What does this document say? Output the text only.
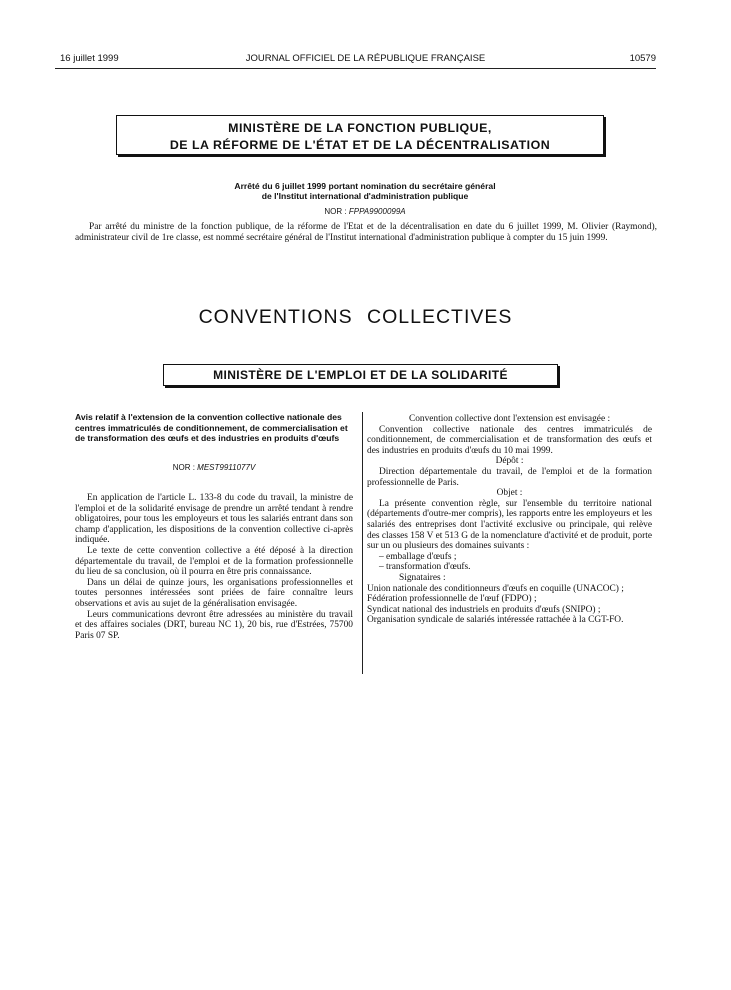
16 juillet 1999	JOURNAL OFFICIEL DE LA RÉPUBLIQUE FRANÇAISE	10579
MINISTÈRE DE LA FONCTION PUBLIQUE,
DE LA RÉFORME DE L'ÉTAT ET DE LA DÉCENTRALISATION
Arrêté du 6 juillet 1999 portant nomination du secrétaire général
de l'Institut international d'administration publique
NOR : FPPA9900099A
Par arrêté du ministre de la fonction publique, de la réforme de l'Etat et de la décentralisation en date du 6 juillet 1999, M. Olivier (Raymond), administrateur civil de 1re classe, est nommé secrétaire général de l'Institut international d'administration publique à compter du 15 juin 1999.
CONVENTIONS COLLECTIVES
MINISTÈRE DE L'EMPLOI ET DE LA SOLIDARITÉ
Avis relatif à l'extension de la convention collective nationale des centres immatriculés de conditionnement, de commercialisation et de transformation des œufs et des industries en produits d'œufs
NOR : MEST9911077V

En application de l'article L. 133-8 du code du travail, la ministre de l'emploi et de la solidarité envisage de prendre un arrêté tendant à rendre obligatoires, pour tous les employeurs et tous les salariés entrant dans son champ d'application, les dispositions de la convention collective ci-après indiquée.

Le texte de cette convention collective a été déposé à la direction départementale du travail, de l'emploi et de la formation professionnelle du lieu de sa conclusion, où il pourra en être pris connaissance.

Dans un délai de quinze jours, les organisations professionnelles et toutes personnes intéressées sont priées de faire connaître leurs observations et avis au sujet de la généralisation envisagée.

Leurs communications devront être adressées au ministère du travail et des affaires sociales (DRT, bureau NC 1), 20 bis, rue d'Estrées, 75700 Paris 07 SP.

Convention collective dont l'extension est envisagée :

Convention collective nationale des centres immatriculés de conditionnement, de commercialisation et de transformation des œufs et des industries en produits d'œufs du 10 mai 1999.

Dépôt :

Direction départementale du travail, de l'emploi et de la formation professionnelle de Paris.

Objet :

La présente convention règle, sur l'ensemble du territoire national (départements d'outre-mer compris), les rapports entre les employeurs et les salariés des entreprises dont l'activité exclusive ou principale, qui relève des classes 158 V et 513 G de la nomenclature d'activité et de produit, porte sur un ou plusieurs des domaines suivants :

– emballage d'œufs ;

– transformation d'œufs.

Signataires :

Union nationale des conditionneurs d'œufs en coquille (UNACOC) ;

Fédération professionnelle de l'œuf (FDPO) ;

Syndicat national des industriels en produits d'œufs (SNIPO) ;

Organisation syndicale de salariés intéressée rattachée à la CGT-FO.
